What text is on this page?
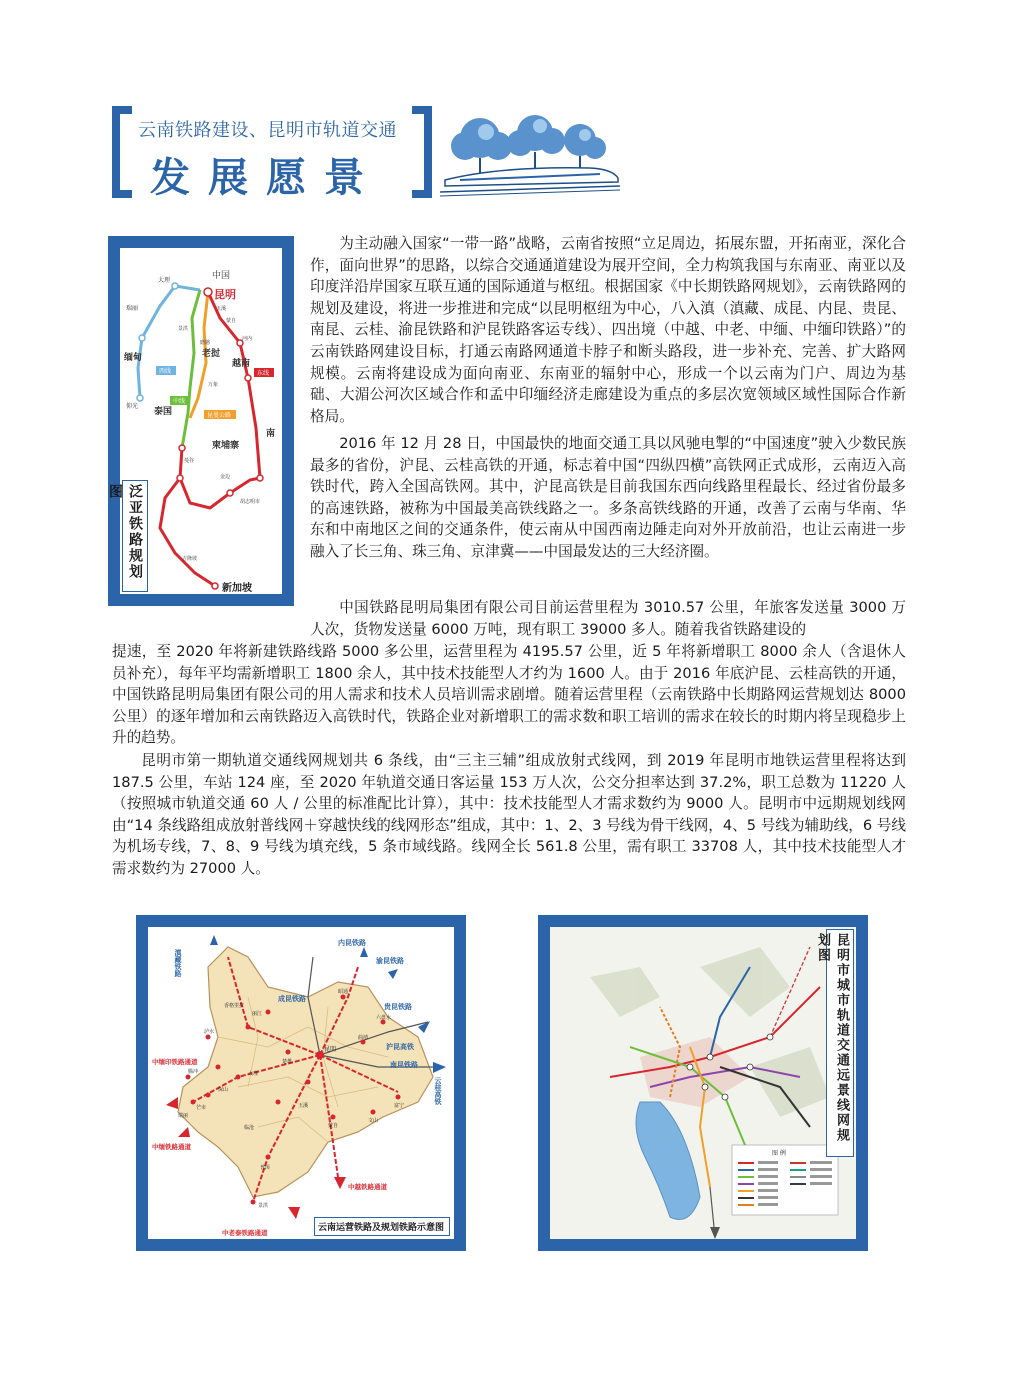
云南铁路建设、昆明市轨道交通
发展愿景
中国
昆明
大理
瑞丽
缅甸	老挝
越南
泰国
柬埔寨
南
新加坡
仰光
西线	东线
中线
昆曼公路
河内
万象
曼谷
胡志明市
吉隆坡
玉溪
蒙自
景洪
磨憨
金边
泛亚铁路规划图
为主动融入国家“一带一路”战略，云南省按照“立足周边，拓展东盟，开拓南亚，深化合作，面向世界”的思路，以综合交通通道建设为展开空间，全力构筑我国与东南亚、南亚以及印度洋沿岸国家互联互通的国际通道与枢纽。根据国家《中长期铁路网规划》，云南铁路网的规划及建设，将进一步推进和完成“以昆明枢纽为中心，八入滇（滇藏、成昆、内昆、贵昆、南昆、云桂、渝昆铁路和沪昆铁路客运专线）、四出境（中越、中老、中缅、中缅印铁路）”的云南铁路网建设目标，打通云南路网通道卡脖子和断头路段，进一步补充、完善、扩大路网规模。云南将建设成为面向南亚、东南亚的辐射中心，形成一个以云南为门户、周边为基础、大湄公河次区域合作和孟中印缅经济走廊建设为重点的多层次宽领域区域性国际合作新格局。
2016 年 12 月 28 日，中国最快的地面交通工具以风驰电掣的“中国速度”驶入少数民族最多的省份，沪昆、云桂高铁的开通，标志着中国“四纵四横”高铁网正式成形，云南迈入高铁时代，跨入全国高铁网。其中，沪昆高铁是目前我国东西向线路里程最长、经过省份最多的高速铁路，被称为中国最美高铁线路之一。多条高铁线路的开通，改善了云南与华南、华东和中南地区之间的交通条件，使云南从中国西南边陲走向对外开放前沿，也让云南进一步融入了长三角、珠三角、京津冀——中国最发达的三大经济圈。
中国铁路昆明局集团有限公司目前运营里程为 3010.57 公里，年旅客发送量 3000 万人次，货物发送量 6000 万吨，现有职工 39000 多人。随着我省铁路建设的
提速，至 2020 年将新建铁路线路 5000 多公里，运营里程为 4195.57 公里，近 5 年将新增职工 8000 余人（含退休人员补充），每年平均需新增职工 1800 余人，其中技术技能型人才约为 1600 人。由于 2016 年底沪昆、云桂高铁的开通，中国铁路昆明局集团有限公司的用人需求和技术人员培训需求剧增。随着运营里程（云南铁路中长期路网运营规划达 8000 公里）的逐年增加和云南铁路迈入高铁时代，铁路企业对新增职工的需求数和职工培训的需求在较长的时期内将呈现稳步上升的趋势。
昆明市第一期轨道交通线网规划共 6 条线，由“三主三辅”组成放射式线网，到 2019 年昆明市地铁运营里程将达到 187.5 公里，车站 124 座，至 2020 年轨道交通日客运量 153 万人次，公交分担率达到 37.2%，职工总数为 11220 人（按照城市轨道交通 60 人 / 公里的标准配比计算），其中：技术技能型人才需求数约为 9000 人。昆明市中远期规划线网由“14 条线路组成放射普线网＋穿越快线的线网形态”组成，其中：1、2、3 号线为骨干线网，4、5 号线为辅助线，6 号线为机场专线，7、8、9 号线为填充线，5 条市域线路。线网全长 561.8 公里，需有职工 33708 人，其中技术技能型人才需求数约为 27000 人。
滇藏铁路
内昆铁路
渝昆铁路
成昆铁路
贵昆铁路
沪昆高铁
南昆铁路
云桂高铁
中缅印铁路通道
中缅铁路通道
中越铁路通道
中老泰铁路通道
昆明
香格里拉
丽江
大理
保山
腾冲
瑞丽
临沧
普洱
景洪
玉溪
楚雄
曲靖
昭通
蒙自
文山
富宁
六盘水
芒市
泸水
云南运营铁路及规划铁路示意图
图 例
昆明市城市轨道交通远景线网规划图
